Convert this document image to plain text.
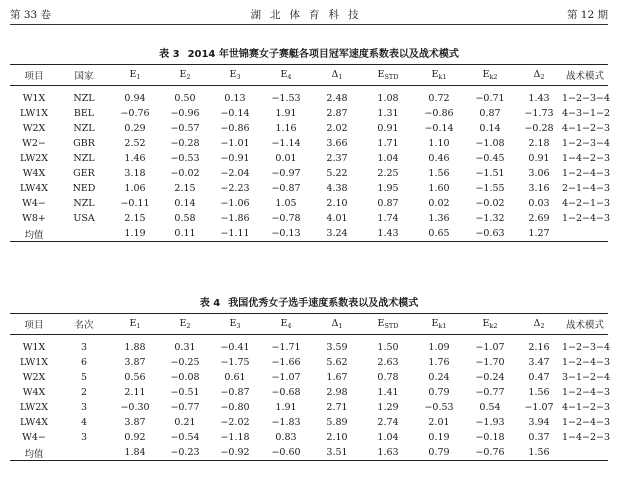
第 33 卷	湖北体育科技	第 12 期
表 3 2014 年世锦赛女子赛艇各项目冠军速度系数表以及战术模式
项目	国家	$E_1$	$E_2$	$E_3$	$E_4$	$\Delta_1$	$E_{STD}$	$E_{k1}$	$E_{k2}$	$\Delta_2$	战术模式
W1X	NZL	0.94	0.50	0.13	−1.53	2.48	1.08	0.72	−0.71	1.43	1−2−3−4
LW1X	BEL	−0.76	−0.96	−0.14	1.91	2.87	1.31	−0.86	0.87	−1.73	4−3−1−2
W2X	NZL	0.29	−0.57	−0.86	1.16	2.02	0.91	−0.14	0.14	−0.28	4−1−2−3
W2−	GBR	2.52	−0.28	−1.01	−1.14	3.66	1.71	1.10	−1.08	2.18	1−2−3−4
LW2X	NZL	1.46	−0.53	−0.91	0.01	2.37	1.04	0.46	−0.45	0.91	1−4−2−3
W4X	GER	3.18	−0.02	−2.04	−0.97	5.22	2.25	1.56	−1.51	3.06	1−2−4−3
LW4X	NED	1.06	2.15	−2.23	−0.87	4.38	1.95	1.60	−1.55	3.16	2−1−4−3
W4−	NZL	−0.11	0.14	−1.06	1.05	2.10	0.87	0.02	−0.02	0.03	4−2−1−3
W8+	USA	2.15	0.58	−1.86	−0.78	4.01	1.74	1.36	−1.32	2.69	1−2−4−3
均值		1.19	0.11	−1.11	−0.13	3.24	1.43	0.65	−0.63	1.27	
表 4 我国优秀女子选手速度系数表以及战术模式
项目	名次	$E_1$	$E_2$	$E_3$	$E_4$	$\Delta_1$	$E_{STD}$	$E_{k1}$	$E_{k2}$	$\Delta_2$	战术模式
W1X	3	1.88	0.31	−0.41	−1.71	3.59	1.50	1.09	−1.07	2.16	1−2−3−4
LW1X	6	3.87	−0.25	−1.75	−1.66	5.62	2.63	1.76	−1.70	3.47	1−2−4−3
W2X	5	0.56	−0.08	0.61	−1.07	1.67	0.78	0.24	−0.24	0.47	3−1−2−4
W4X	2	2.11	−0.51	−0.87	−0.68	2.98	1.41	0.79	−0.77	1.56	1−2−4−3
LW2X	3	−0.30	−0.77	−0.80	1.91	2.71	1.29	−0.53	0.54	−1.07	4−1−2−3
LW4X	4	3.87	0.21	−2.02	−1.83	5.89	2.74	2.01	−1.93	3.94	1−2−4−3
W4−	3	0.92	−0.54	−1.18	0.83	2.10	1.04	0.19	−0.18	0.37	1−4−2−3
均值		1.84	−0.23	−0.92	−0.60	3.51	1.63	0.79	−0.76	1.56	
